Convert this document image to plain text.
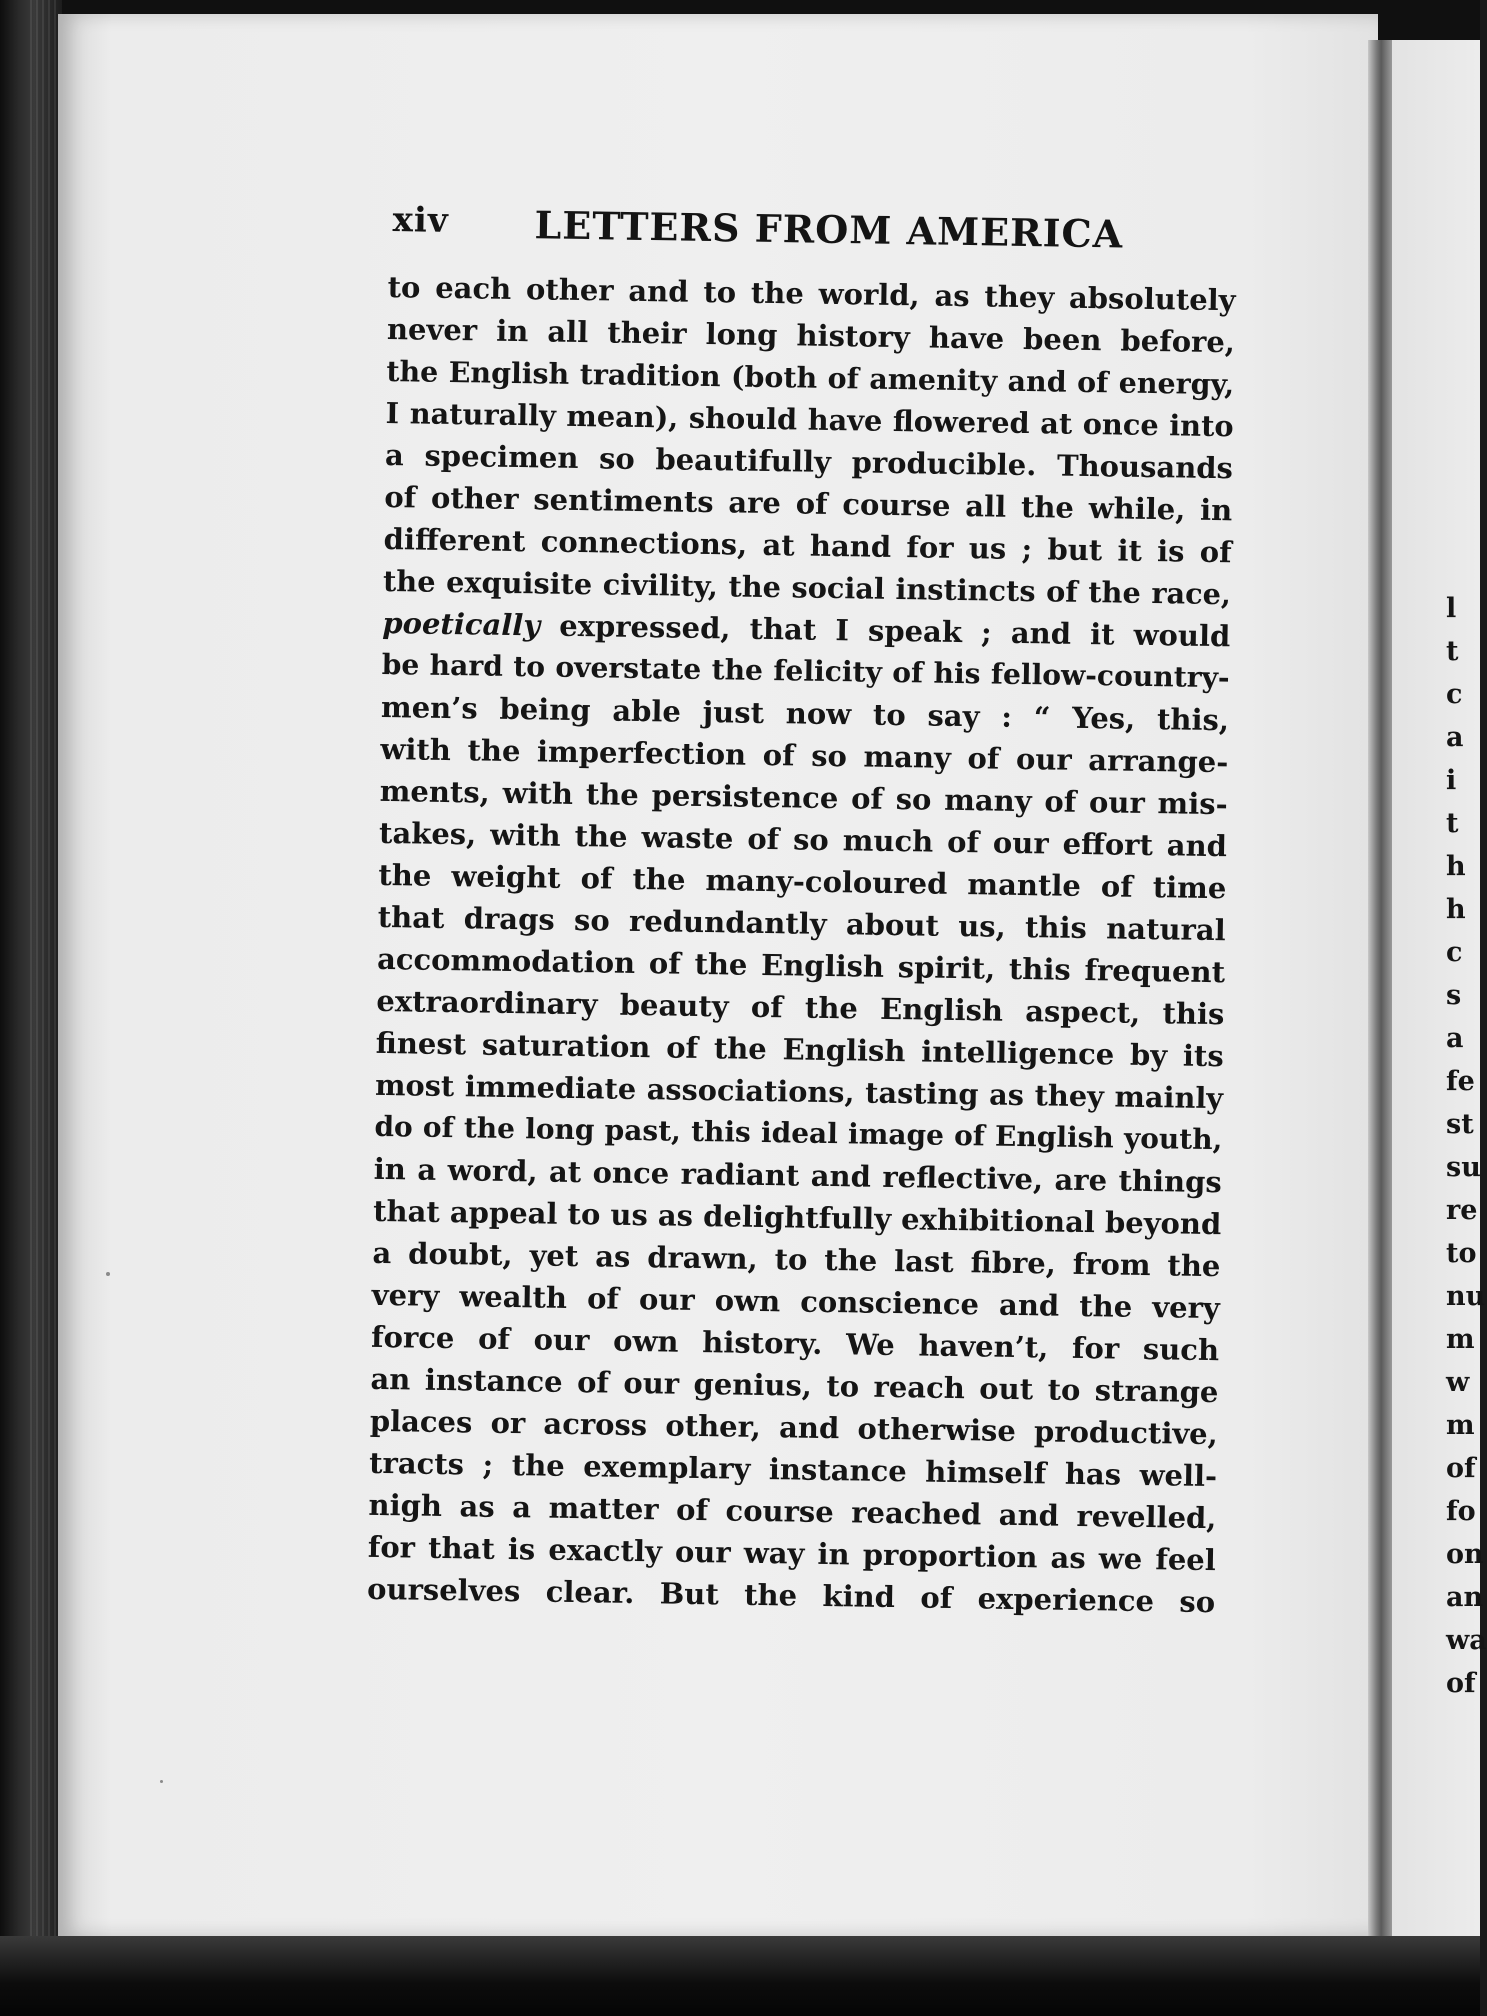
xiv LETTERS FROM AMERICA
to each other and to the world, as they absolutely
never in all their long history have been before,
the English tradition (both of amenity and of energy,
I naturally mean), should have flowered at once into
a specimen so beautifully producible. Thousands
of other sentiments are of course all the while, in
different connections, at hand for us ; but it is of
the exquisite civility, the social instincts of the race,
poetically expressed, that I speak ; and it would
be hard to overstate the felicity of his fellow-country-
men’s being able just now to say : “ Yes, this,
with the imperfection of so many of our arrange-
ments, with the persistence of so many of our mis-
takes, with the waste of so much of our effort and
the weight of the many-coloured mantle of time
that drags so redundantly about us, this natural
accommodation of the English spirit, this frequent
extraordinary beauty of the English aspect, this
finest saturation of the English intelligence by its
most immediate associations, tasting as they mainly
do of the long past, this ideal image of English youth,
in a word, at once radiant and reflective, are things
that appeal to us as delightfully exhibitional beyond
a doubt, yet as drawn, to the last fibre, from the
very wealth of our own conscience and the very
force of our own history. We haven’t, for such
an instance of our genius, to reach out to strange
places or across other, and otherwise productive,
tracts ; the exemplary instance himself has well-
nigh as a matter of course reached and revelled,
for that is exactly our way in proportion as we feel
ourselves clear. But the kind of experience so
l
t
c
a
i
t
h
h
c
s
a
fe
st
su
re
to
nu
m
w
m
of
fo
on
an
wa
of
